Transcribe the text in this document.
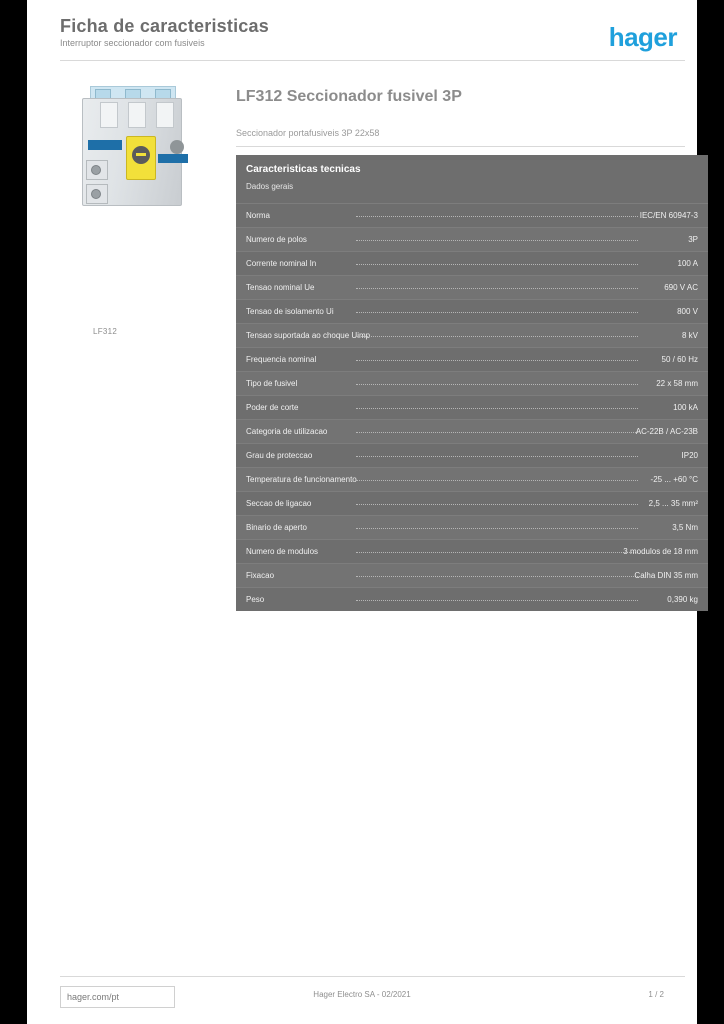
Ficha de caracteristicas
Interruptor seccionador com fusiveis	hager
LF312
LF312 Seccionador fusivel 3P
Seccionador portafusiveis 3P 22x58
Caracteristicas tecnicas
Dados gerais
Norma	IEC/EN 60947-3
Numero de polos	3P
Corrente nominal In	100 A
Tensao nominal Ue	690 V AC
Tensao de isolamento Ui	800 V
Tensao suportada ao choque Uimp	8 kV
Frequencia nominal	50 / 60 Hz
Tipo de fusivel	22 x 58 mm
Poder de corte	100 kA
Categoria de utilizacao	AC-22B / AC-23B
Grau de proteccao	IP20
Temperatura de funcionamento	-25 ... +60 °C
Seccao de ligacao	2,5 ... 35 mm²
Binario de aperto	3,5 Nm
Numero de modulos	3 modulos de 18 mm
Fixacao	Calha DIN 35 mm
Peso	0,390 kg
hager.com/pt	Hager Electro SA - 02/2021	1 / 2
